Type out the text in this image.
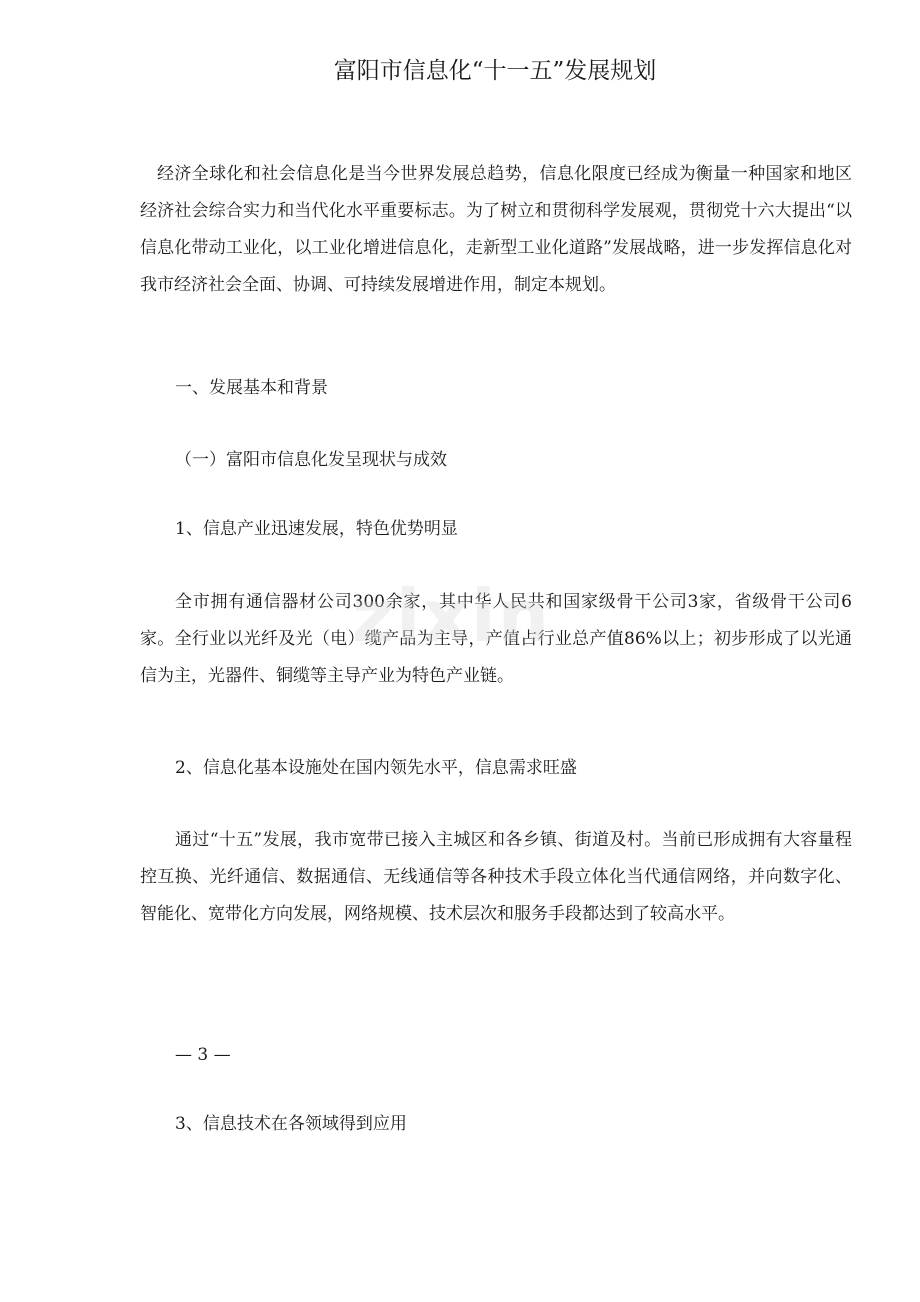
富阳市信息化“十一五”发展规划

经济全球化和社会信息化是当今世界发展总趋势，信息化限度已经成为衡量一种国家和地区经济社会综合实力和当代化水平重要标志。为了树立和贯彻科学发展观，贯彻党十六大提出“以信息化带动工业化，以工业化增进信息化，走新型工业化道路”发展战略，进一步发挥信息化对我市经济社会全面、协调、可持续发展增进作用，制定本规划。

一、发展基本和背景
（一）富阳市信息化发呈现状与成效
1、信息产业迅速发展，特色优势明显

全市拥有通信器材公司300余家，其中华人民共和国家级骨干公司3家，省级骨干公司6家。全行业以光纤及光（电）缆产品为主导，产值占行业总产值86%以上；初步形成了以光通信为主，光器件、铜缆等主导产业为特色产业链。

2、信息化基本设施处在国内领先水平，信息需求旺盛

通过“十五”发展，我市宽带已接入主城区和各乡镇、街道及村。当前已形成拥有大容量程控互换、光纤通信、数据通信、无线通信等各种技术手段立体化当代通信网络，并向数字化、智能化、宽带化方向发展，网络规模、技术层次和服务手段都达到了较高水平。

— 3 —
3、信息技术在各领域得到应用
zixin
